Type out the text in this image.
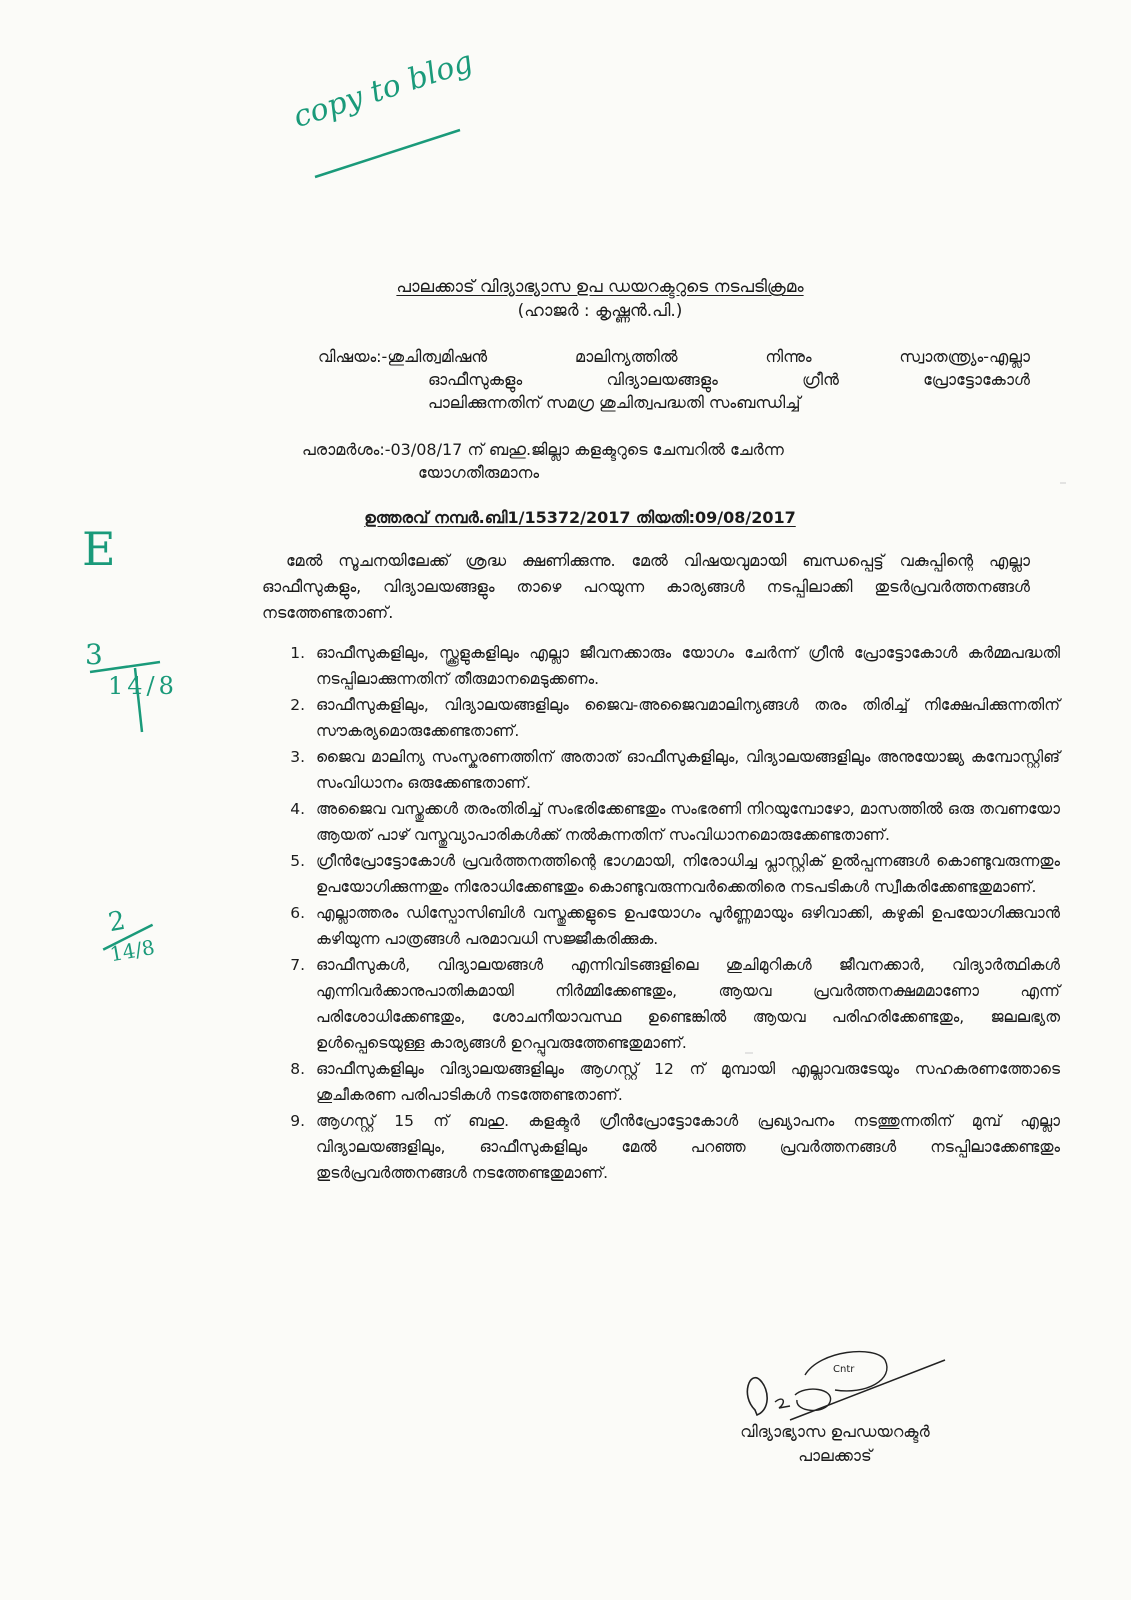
copy to blog
E
3
14/8
2
14/8
പാലക്കാട് വിദ്യാഭ്യാസ ഉപ ഡയറക്ടറുടെ നടപടിക്രമം
(ഹാജർ : കൃഷ്ണൻ.പി.)
വിഷയം:-ശുചിത്വമിഷൻ മാലിന്യത്തിൽ നിന്നും സ്വാതന്ത്ര്യം-എല്ലാ
ഓഫീസുകളും വിദ്യാലയങ്ങളും ഗ്രീൻ പ്രോട്ടോകോൾ
പാലിക്കുന്നതിന് സമഗ്ര ശുചിത്വപദ്ധതി സംബന്ധിച്ച്
പരാമർശം:-03/08/17 ന് ബഹു.ജില്ലാ കളക്ടറുടെ ചേമ്പറിൽ ചേർന്ന
യോഗതീരുമാനം
ഉത്തരവ് നമ്പർ.ബി1/15372/2017 തിയതി:09/08/2017

മേൽ സൂചനയിലേക്ക് ശ്രദ്ധ ക്ഷണിക്കുന്നു. മേൽ വിഷയവുമായി ബന്ധപ്പെട്ട് വകുപ്പിന്റെ എല്ലാ ഓഫീസുകളും, വിദ്യാലയങ്ങളും താഴെ പറയുന്ന കാര്യങ്ങൾ നടപ്പിലാക്കി തുടർപ്രവർത്തനങ്ങൾ നടത്തേണ്ടതാണ്.

1. ഓഫീസുകളിലും, സ്ക്കൂളുകളിലും എല്ലാ ജീവനക്കാരും യോഗം ചേർന്ന് ഗ്രീൻ പ്രോട്ടോകോൾ കർമ്മപദ്ധതി നടപ്പിലാക്കുന്നതിന് തീരുമാനമെടുക്കണം.
2. ഓഫീസുകളിലും, വിദ്യാലയങ്ങളിലും ജൈവ-അജൈവമാലിന്യങ്ങൾ തരം തിരിച്ച് നിക്ഷേപിക്കുന്നതിന് സൗകര്യമൊരുക്കേണ്ടതാണ്.
3. ജൈവ മാലിന്യ സംസ്കരണത്തിന് അതാത് ഓഫീസുകളിലും, വിദ്യാലയങ്ങളിലും അനുയോജ്യ കമ്പോസ്റ്റിങ് സംവിധാനം ഒരുക്കേണ്ടതാണ്.
4. അജൈവ വസ്തുക്കൾ തരംതിരിച്ച് സംഭരിക്കേണ്ടതും സംഭരണി നിറയുമ്പോഴോ, മാസത്തിൽ ഒരു തവണയോ ആയത് പാഴ് വസ്തുവ്യാപാരികൾക്ക് നൽകുന്നതിന് സംവിധാനമൊരുക്കേണ്ടതാണ്.
5. ഗ്രീൻപ്രോട്ടോകോൾ പ്രവർത്തനത്തിന്റെ ഭാഗമായി, നിരോധിച്ച പ്ലാസ്റ്റിക് ഉൽപ്പന്നങ്ങൾ കൊണ്ടുവരുന്നതും ഉപയോഗിക്കുന്നതും നിരോധിക്കേണ്ടതും കൊണ്ടുവരുന്നവർക്കെതിരെ നടപടികൾ സ്വീകരിക്കേണ്ടതുമാണ്.
6. എല്ലാത്തരം ഡിസ്പോസിബിൾ വസ്തുക്കളുടെ ഉപയോഗം പൂർണ്ണമായും ഒഴിവാക്കി, കഴുകി ഉപയോഗിക്കുവാൻ കഴിയുന്ന പാത്രങ്ങൾ പരമാവധി സജ്ജീകരിക്കുക.
7. ഓഫീസുകൾ, വിദ്യാലയങ്ങൾ എന്നിവിടങ്ങളിലെ ശുചിമുറികൾ ജീവനക്കാർ, വിദ്യാർത്ഥികൾ എന്നിവർക്കാനുപാതികമായി നിർമ്മിക്കേണ്ടതും, ആയവ പ്രവർത്തനക്ഷമമാണോ എന്ന് പരിശോധിക്കേണ്ടതും, ശോചനീയാവസ്ഥ ഉണ്ടെങ്കിൽ ആയവ പരിഹരിക്കേണ്ടതും, ജലലഭ്യത ഉൾപ്പെടെയുള്ള കാര്യങ്ങൾ ഉറപ്പുവരുത്തേണ്ടതുമാണ്.
8. ഓഫീസുകളിലും വിദ്യാലയങ്ങളിലും ആഗസ്റ്റ് 12 ന് മുമ്പായി എല്ലാവരുടേയും സഹകരണത്തോടെ ശുചീകരണ പരിപാടികൾ നടത്തേണ്ടതാണ്.
9. ആഗസ്റ്റ് 15 ന് ബഹു. കളക്ടർ ഗ്രീൻപ്രോട്ടോകോൾ പ്രഖ്യാപനം നടത്തുന്നതിന് മുമ്പ് എല്ലാ വിദ്യാലയങ്ങളിലും, ഓഫീസുകളിലും മേൽ പറഞ്ഞ പ്രവർത്തനങ്ങൾ നടപ്പിലാക്കേണ്ടതും തുടർപ്രവർത്തനങ്ങൾ നടത്തേണ്ടതുമാണ്.
Cntr
വിദ്യാഭ്യാസ ഉപഡയറക്ടർ
പാലക്കാട്
